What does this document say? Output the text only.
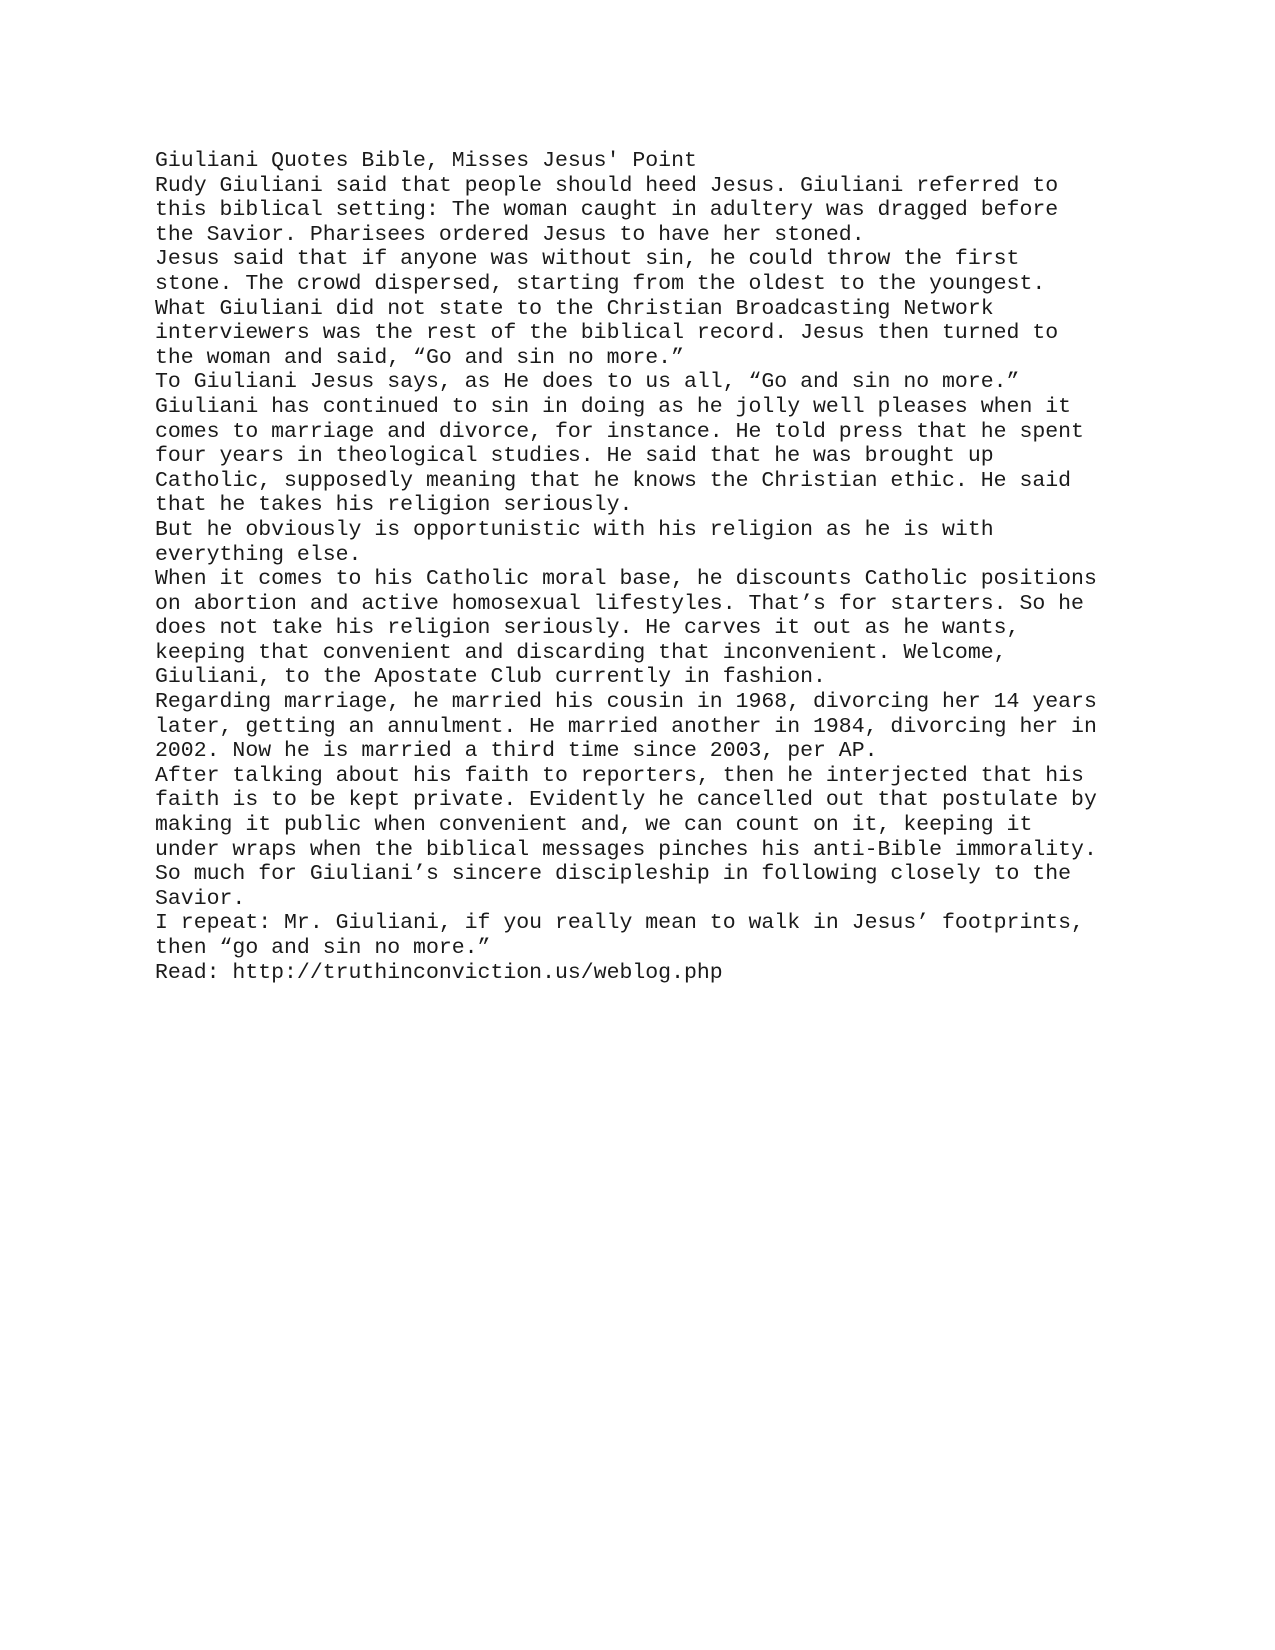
Giuliani Quotes Bible, Misses Jesus' Point
Rudy Giuliani said that people should heed Jesus. Giuliani referred to
this biblical setting: The woman caught in adultery was dragged before
the Savior. Pharisees ordered Jesus to have her stoned.
Jesus said that if anyone was without sin, he could throw the first
stone. The crowd dispersed, starting from the oldest to the youngest.
What Giuliani did not state to the Christian Broadcasting Network
interviewers was the rest of the biblical record. Jesus then turned to
the woman and said, “Go and sin no more.”
To Giuliani Jesus says, as He does to us all, “Go and sin no more.”
Giuliani has continued to sin in doing as he jolly well pleases when it
comes to marriage and divorce, for instance. He told press that he spent
four years in theological studies. He said that he was brought up
Catholic, supposedly meaning that he knows the Christian ethic. He said
that he takes his religion seriously.
But he obviously is opportunistic with his religion as he is with
everything else.
When it comes to his Catholic moral base, he discounts Catholic positions
on abortion and active homosexual lifestyles. That’s for starters. So he
does not take his religion seriously. He carves it out as he wants,
keeping that convenient and discarding that inconvenient. Welcome,
Giuliani, to the Apostate Club currently in fashion.
Regarding marriage, he married his cousin in 1968, divorcing her 14 years
later, getting an annulment. He married another in 1984, divorcing her in
2002. Now he is married a third time since 2003, per AP.
After talking about his faith to reporters, then he interjected that his
faith is to be kept private. Evidently he cancelled out that postulate by
making it public when convenient and, we can count on it, keeping it
under wraps when the biblical messages pinches his anti-Bible immorality.
So much for Giuliani’s sincere discipleship in following closely to the
Savior.
I repeat: Mr. Giuliani, if you really mean to walk in Jesus’ footprints,
then “go and sin no more.”
Read: http://truthinconviction.us/weblog.php
